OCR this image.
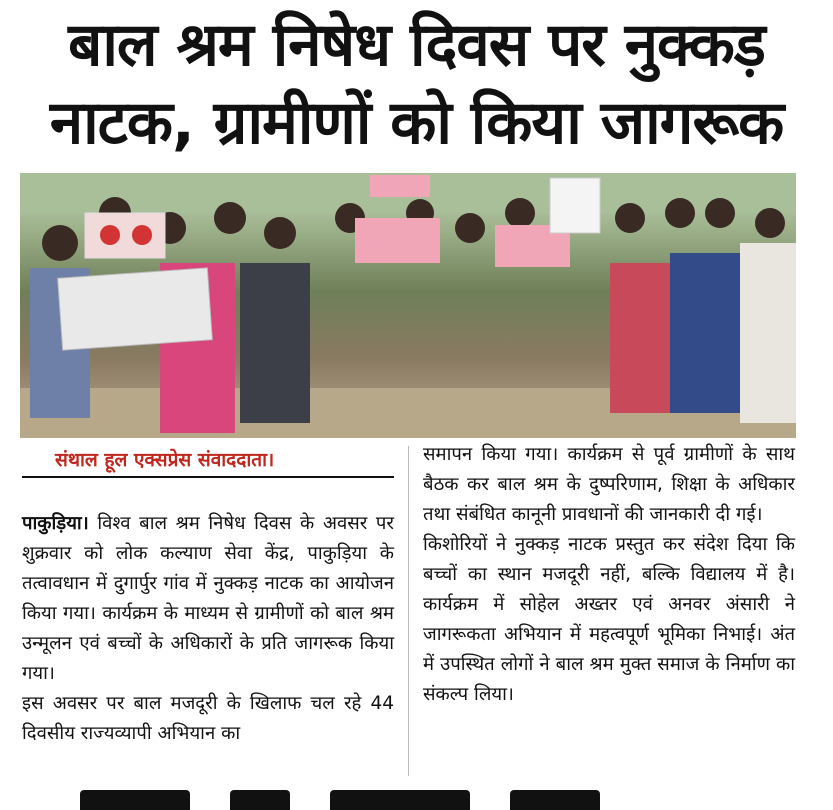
बाल श्रम निषेध दिवस पर नुक्कड़
नाटक, ग्रामीणों को किया जागरूक
संथाल हूल एक्सप्रेस संवाददाता।

पाकुड़िया। विश्व बाल श्रम निषेध दिवस के अवसर पर शुक्रवार को लोक कल्याण सेवा केंद्र, पाकुड़िया के तत्वावधान में दुगार्पुर गांव में नुक्कड़ नाटक का आयोजन किया गया। कार्यक्रम के माध्यम से ग्रामीणों को बाल श्रम उन्मूलन एवं बच्चों के अधिकारों के प्रति जागरूक किया गया।

इस अवसर पर बाल मजदूरी के खिलाफ चल रहे 44 दिवसीय राज्यव्यापी अभियान का

समापन किया गया। कार्यक्रम से पूर्व ग्रामीणों के साथ बैठक कर बाल श्रम के दुष्परिणाम, शिक्षा के अधिकार तथा संबंधित कानूनी प्रावधानों की जानकारी दी गई।

किशोरियों ने नुक्कड़ नाटक प्रस्तुत कर संदेश दिया कि बच्चों का स्थान मजदूरी नहीं, बल्कि विद्यालय में है। कार्यक्रम में सोहेल अख्तर एवं अनवर अंसारी ने जागरूकता अभियान में महत्वपूर्ण भूमिका निभाई। अंत में उपस्थित लोगों ने बाल श्रम मुक्त समाज के निर्माण का संकल्प लिया।
